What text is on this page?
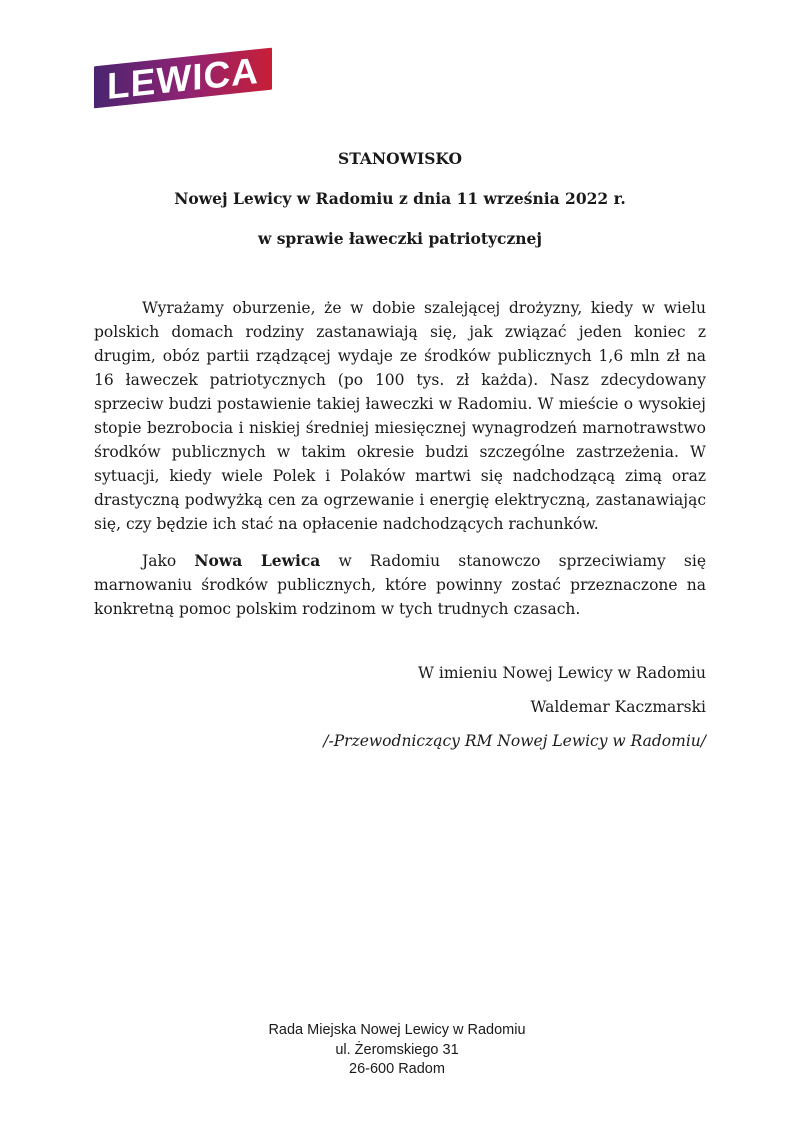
LEWICA
STANOWISKO
Nowej Lewicy w Radomiu z dnia 11 września 2022 r.
w sprawie ławeczki patriotycznej

Wyrażamy oburzenie, że w dobie szalejącej drożyzny, kiedy w wielu polskich domach rodziny zastanawiają się, jak związać jeden koniec z drugim, obóz partii rządzącej wydaje ze środków publicznych 1,6 mln zł na 16 ławeczek patriotycznych (po 100 tys. zł każda). Nasz zdecydowany sprzeciw budzi postawienie takiej ławeczki w Radomiu. W mieście o wysokiej stopie bezrobocia i niskiej średniej miesięcznej wynagrodzeń marnotrawstwo środków publicznych w takim okresie budzi szczególne zastrzeżenia. W sytuacji, kiedy wiele Polek i Polaków martwi się nadchodzącą zimą oraz drastyczną podwyżką cen za ogrzewanie i energię elektryczną, zastanawiając się, czy będzie ich stać na opłacenie nadchodzących rachunków.

Jako Nowa Lewica w Radomiu stanowczo sprzeciwiamy się marnowaniu środków publicznych, które powinny zostać przeznaczone na konkretną pomoc polskim rodzinom w tych trudnych czasach.

W imieniu Nowej Lewicy w Radomiu
Waldemar Kaczmarski
/-Przewodniczący RM Nowej Lewicy w Radomiu/
Rada Miejska Nowej Lewicy w Radomiu
ul. Żeromskiego 31
26-600 Radom
